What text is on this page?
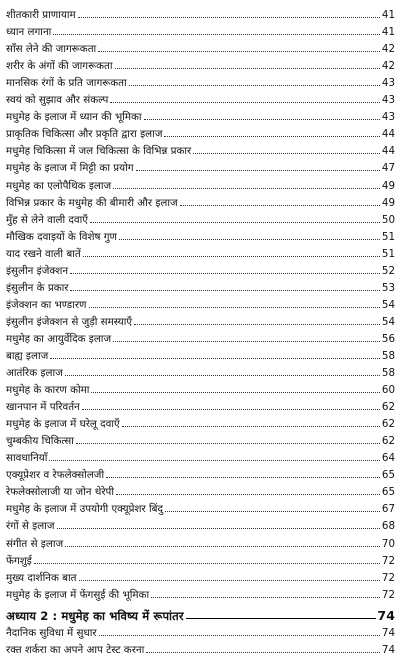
शीतकारी प्राणायाम	41
ध्यान लगाना	41
साँस लेने की जागरूकता	42
शरीर के अंगों की जागरूकता	42
मानसिक रंगों के प्रति जागरूकता	43
स्वयं को सुझाव और संकल्प	43
मधुमेह के इलाज में ध्यान की भूमिका	43
प्राकृतिक चिकित्सा और प्रकृति द्वारा इलाज	44
मधुमेह चिकित्सा में जल चिकित्सा के विभिन्न प्रकार	44
मधुमेह के इलाज में मिट्टी का प्रयोग	47
मधुमेह का एलोपैथिक इलाज	49
विभिन्न प्रकार के मधुमेह की बीमारी और इलाज	49
मुँह से लेने वाली दवाएँ	50
मौखिक दवाइयों के विशेष गुण	51
याद रखने वाली बातें	51
इंसुलीन इंजेक्शन	52
इंसुलीन के प्रकार	53
इंजेक्शन का भण्डारण	54
इंसुलीन इंजेक्शन से जुड़ी समस्याएँ	54
मधुमेह का आयुर्वेदिक इलाज	56
बाह्य इलाज	58
आतंरिक इलाज	58
मधुमेह के कारण कोमा	60
खानपान में परिवर्तन	62
मधुमेह के इलाज में घरेलू दवाएँ	62
चुम्बकीय चिकित्सा	62
सावधानियाँ	64
एक्यूप्रेशर व रेफलेक्सोलजी	65
रेफलेक्सोलाजी या जोन थेरेपी	65
मधुमेह के इलाज में उपयोगी एक्यूप्रेशर बिंदु	67
रंगों से इलाज	68
संगीत से इलाज	70
फेंगशुई	72
मुख्य दार्शनिक बात	72
मधुमेह के इलाज में फेंगसुई की भूमिका	72
अध्याय 2 : मधुमेह का भविष्य में रूपांतर	74
नैदानिक सुविधा में सुधार	74
रक्त शर्करा का अपने आप टेस्ट करना	74
